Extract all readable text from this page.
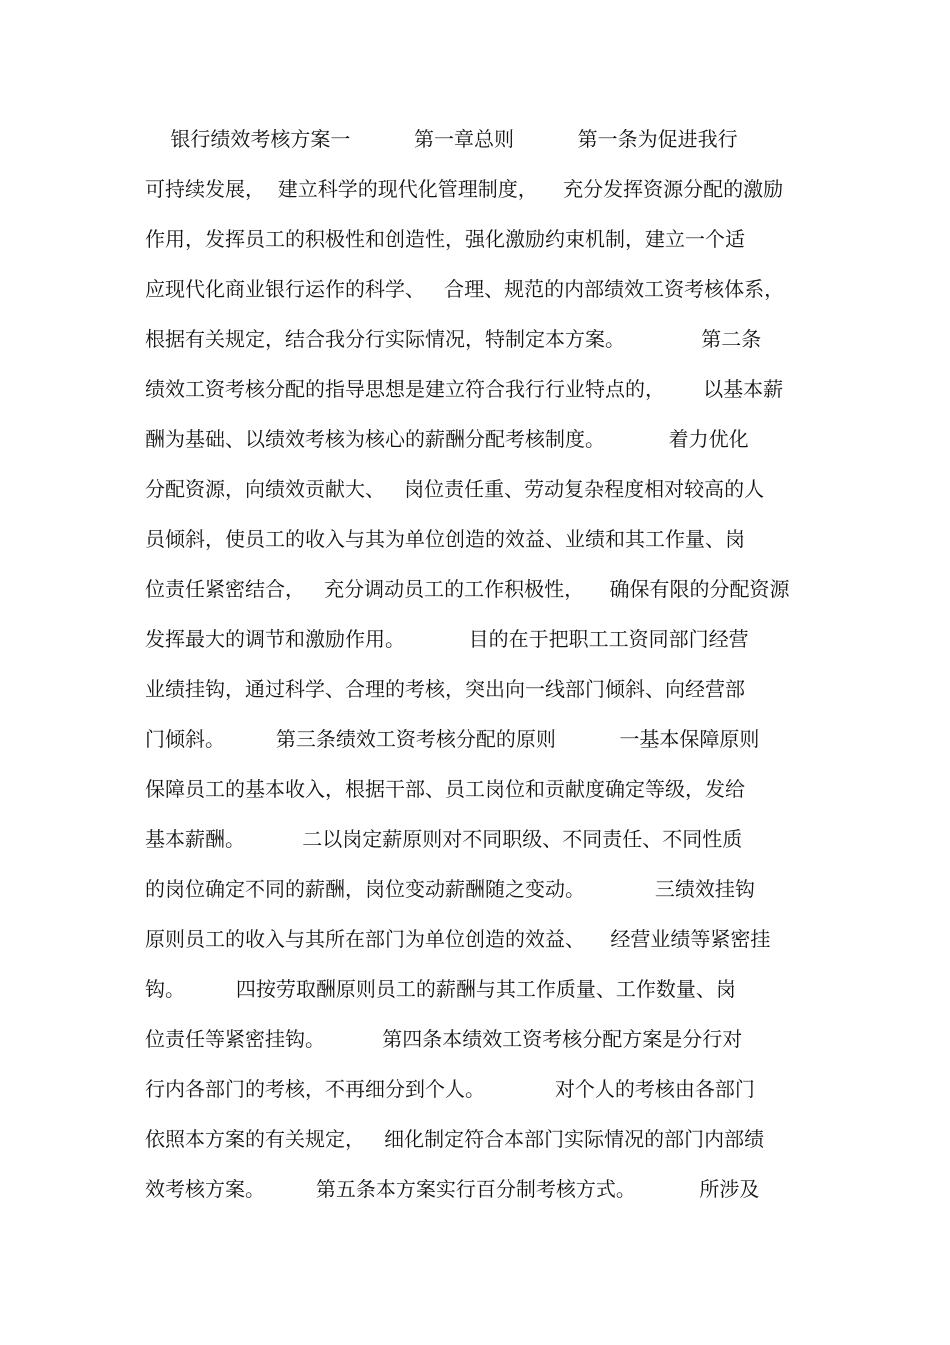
银行绩效考核方案一          第一章总则          第一条为促进我行
可持续发展，  建立科学的现代化管理制度，    充分发挥资源分配的激励
作用，发挥员工的积极性和创造性，强化激励约束机制，建立一个适
应现代化商业银行运作的科学、   合理、规范的内部绩效工资考核体系，
根据有关规定，结合我分行实际情况，特制定本方案。            第二条
绩效工资考核分配的指导思想是建立符合我行行业特点的，      以基本薪
酬为基础、以绩效考核为核心的薪酬分配考核制度。          着力优化
分配资源，向绩效贡献大、   岗位责任重、劳动复杂程度相对较高的人
员倾斜，使员工的收入与其为单位创造的效益、业绩和其工作量、岗
位责任紧密结合，   充分调动员工的工作积极性，    确保有限的分配资源
发挥最大的调节和激励作用。          目的在于把职工工资同部门经营
业绩挂钩，通过科学、合理的考核，突出向一线部门倾斜、向经营部
门倾斜。        第三条绩效工资考核分配的原则          一基本保障原则
保障员工的基本收入，根据干部、员工岗位和贡献度确定等级，发给
基本薪酬。         二以岗定薪原则对不同职级、不同责任、不同性质
的岗位确定不同的薪酬，岗位变动薪酬随之变动。           三绩效挂钩
原则员工的收入与其所在部门为单位创造的效益、    经营业绩等紧密挂
钩。        四按劳取酬原则员工的薪酬与其工作质量、工作数量、岗
位责任等紧密挂钩。         第四条本绩效工资考核分配方案是分行对
行内各部门的考核，不再细分到个人。           对个人的考核由各部门
依照本方案的有关规定，   细化制定符合本部门实际情况的部门内部绩
效考核方案。        第五条本方案实行百分制考核方式。          所涉及
